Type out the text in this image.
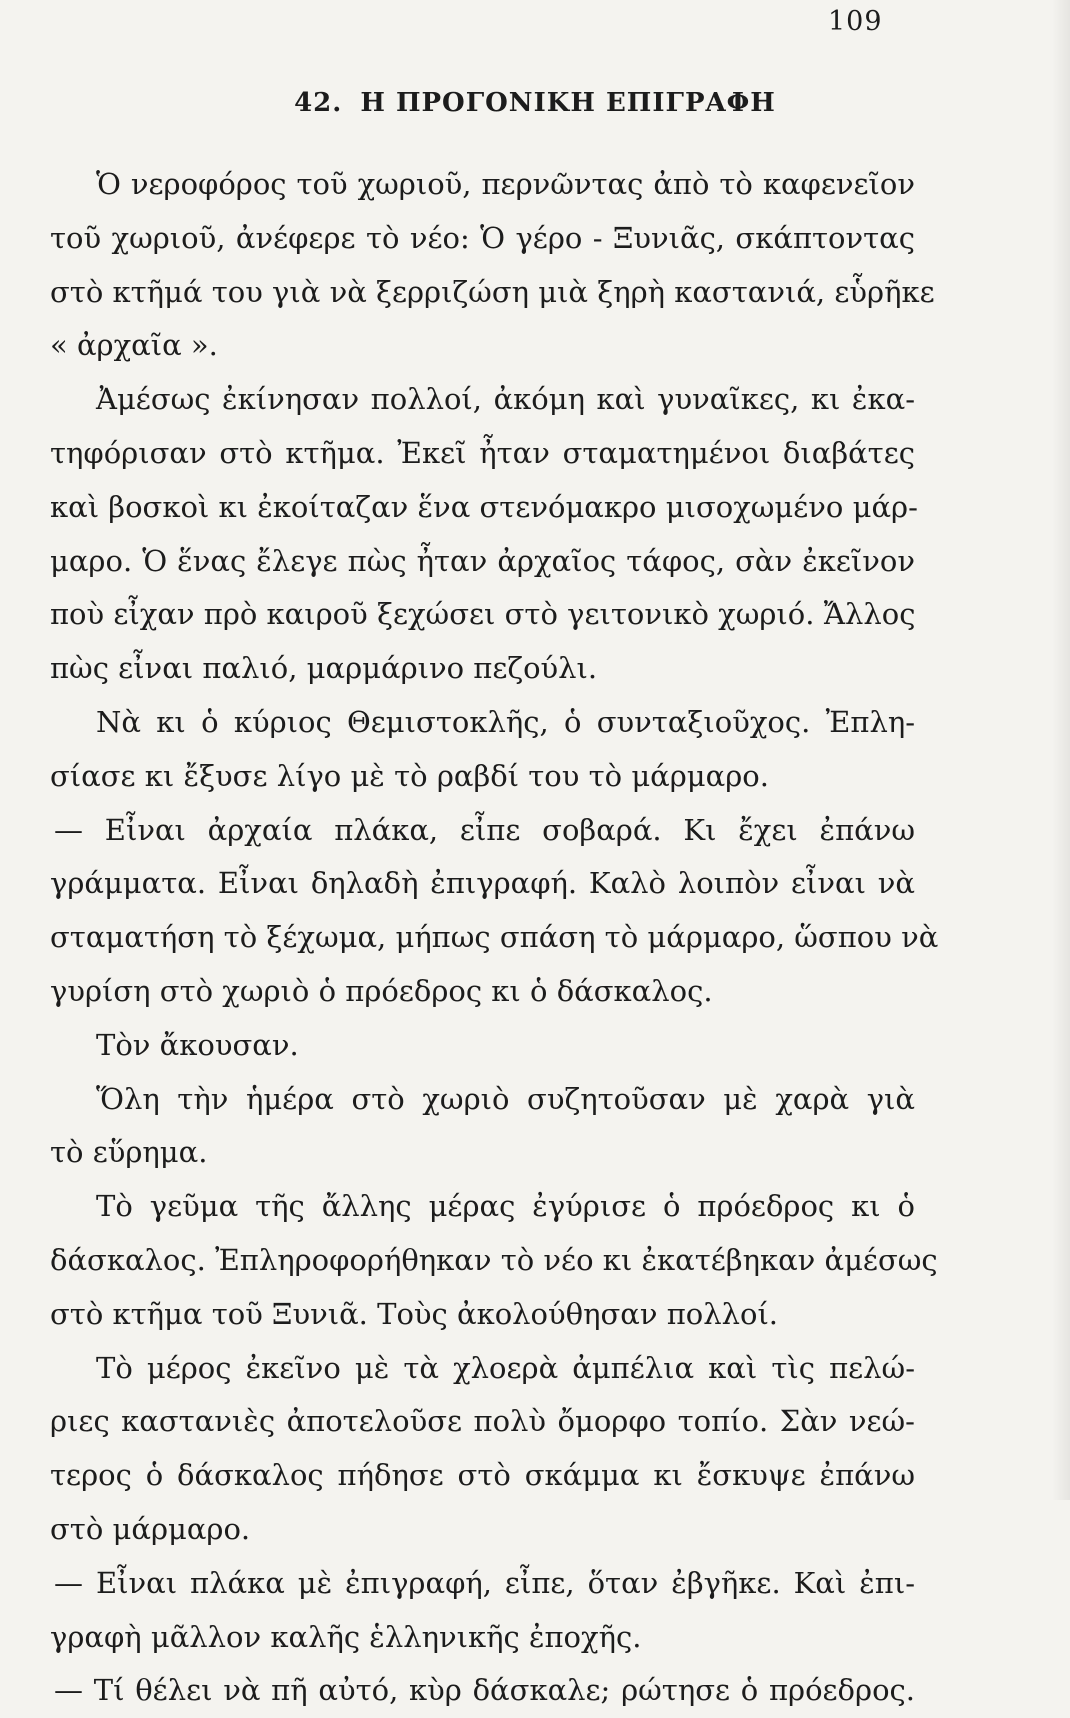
109
42. Η ΠΡΟΓΟΝΙΚΗ ΕΠΙΓΡΑΦΗ
Ὁ νεροφόρος τοῦ χωριοῦ, περνῶντας ἀπὸ τὸ καφενεῖον
τοῦ χωριοῦ, ἀνέφερε τὸ νέο: Ὁ γέρο - Ξυνιᾶς, σκάπτοντας
στὸ κτῆμά του γιὰ νὰ ξερριζώση μιὰ ξηρὴ καστανιά, εὗρῆκε
« ἀρχαῖα ».
Ἀμέσως ἐκίνησαν πολλοί, ἀκόμη καὶ γυναῖκες, κι ἐκα-
τηφόρισαν στὸ κτῆμα. Ἐκεῖ ἦταν σταματημένοι διαβάτες
καὶ βοσκοὶ κι ἐκοίταζαν ἕνα στενόμακρο μισοχωμένο μάρ-
μαρο. Ὁ ἕνας ἔλεγε πὼς ἦταν ἀρχαῖος τάφος, σὰν ἐκεῖνον
ποὺ εἶχαν πρὸ καιροῦ ξεχώσει στὸ γειτονικὸ χωριό. Ἄλλος
πὼς εἶναι παλιό, μαρμάρινο πεζούλι.
Νὰ κι ὁ κύριος Θεμιστοκλῆς, ὁ συνταξιοῦχος. Ἐπλη-
σίασε κι ἔξυσε λίγο μὲ τὸ ραβδί του τὸ μάρμαρο.
— Εἶναι ἀρχαία πλάκα, εἶπε σοβαρά. Κι ἔχει ἐπάνω
γράμματα. Εἶναι δηλαδὴ ἐπιγραφή. Καλὸ λοιπὸν εἶναι νὰ
σταματήση τὸ ξέχωμα, μήπως σπάση τὸ μάρμαρο, ὥσπου νὰ
γυρίση στὸ χωριὸ ὁ πρόεδρος κι ὁ δάσκαλος.
Τὸν ἄκουσαν.
Ὅλη τὴν ἡμέρα στὸ χωριὸ συζητοῦσαν μὲ χαρὰ γιὰ
τὸ εὕρημα.
Τὸ γεῦμα τῆς ἄλλης μέρας ἐγύρισε ὁ πρόεδρος κι ὁ
δάσκαλος. Ἐπληροφορήθηκαν τὸ νέο κι ἐκατέβηκαν ἀμέσως
στὸ κτῆμα τοῦ Ξυνιᾶ. Τοὺς ἀκολούθησαν πολλοί.
Τὸ μέρος ἐκεῖνο μὲ τὰ χλοερὰ ἀμπέλια καὶ τὶς πελώ-
ριες καστανιὲς ἀποτελοῦσε πολὺ ὄμορφο τοπίο. Σὰν νεώ-
τερος ὁ δάσκαλος πήδησε στὸ σκάμμα κι ἔσκυψε ἐπάνω
στὸ μάρμαρο.
— Εἶναι πλάκα μὲ ἐπιγραφή, εἶπε, ὅταν ἐβγῆκε. Καὶ ἐπι-
γραφὴ μᾶλλον καλῆς ἑλληνικῆς ἐποχῆς.
— Τί θέλει νὰ πῆ αὐτό, κὺρ δάσκαλε; ρώτησε ὁ πρόεδρος.
